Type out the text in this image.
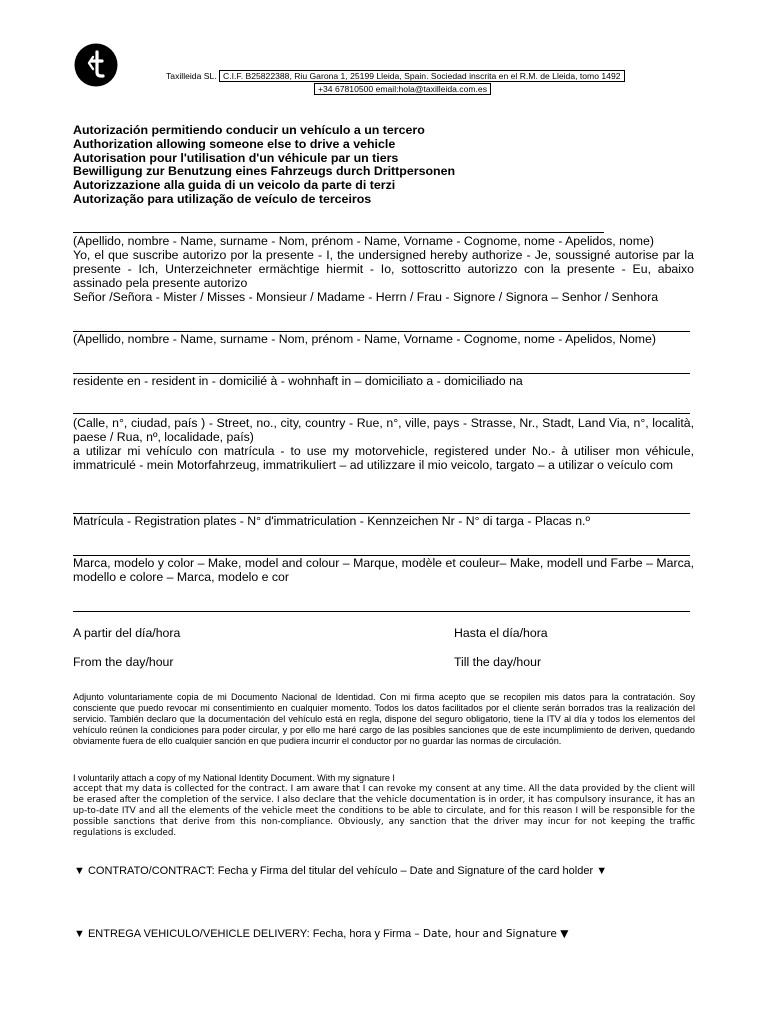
Taxilleida SL. C.I.F. B25822388, Riu Garona 1, 25199 Lleida, Spain. Sociedad inscrita en el R.M. de Lleida, tomo 1492
+34 67810500 email:hola@taxilleida.com.es
Autorización permitiendo conducir un vehículo a un tercero
Authorization allowing someone else to drive a vehicle
Autorisation pour l'utilisation d'un véhicule par un tiers
Bewilligung zur Benutzung eines Fahrzeugs durch Drittpersonen
Autorizzazione alla guida di un veicolo da parte di terzi
Autorização para utilização de veículo de terceiros
(Apellido, nombre - Name, surname - Nom, prénom - Name, Vorname - Cognome, nome - Apelidos, nome)
Yo, el que suscribe autorizo por la presente - I, the undersigned hereby authorize - Je, soussigné autorise par la presente - Ich, Unterzeichneter ermächtige hiermit - Io, sottoscritto autorizzo con la presente - Eu, abaixo assinado pela presente autorizo
Señor /Señora - Mister / Misses - Monsieur / Madame - Herrn / Frau - Signore / Signora – Senhor / Senhora
(Apellido, nombre - Name, surname - Nom, prénom - Name, Vorname - Cognome, nome - Apelidos, Nome)
residente en - resident in - domicilié à - wohnhaft in – domiciliato a - domiciliado na
(Calle, n°, ciudad, país ) - Street, no., city, country - Rue, n°, ville, pays - Strasse, Nr., Stadt, Land Via, n°, località, paese / Rua, nº, localidade, país)
a utilizar mi vehículo con matrícula - to use my motorvehicle, registered under No.- à utiliser mon véhicule, immatriculé - mein Motorfahrzeug, immatrikuliert – ad utilizzare il mio veicolo, targato – a utilizar o veículo com
Matrícula - Registration plates - N° d'immatriculation - Kennzeichen Nr - N° di targa - Placas n.º
Marca, modelo y color – Make, model and colour – Marque, modèle et couleur– Make, modell und Farbe – Marca, modello e colore – Marca, modelo e cor
A partir del día/hora	Hasta el día/hora
From the day/hour	Till the day/hour
Adjunto voluntariamente copia de mi Documento Nacional de Identidad. Con mi firma acepto que se recopilen mis datos para la contratación. Soy consciente que puedo revocar mi consentimiento en cualquier momento. Todos los datos facilitados por el cliente serán borrados tras la realización del servicio. También declaro que la documentación del vehículo está en regla, dispone del seguro obligatorio, tiene la ITV al día y todos los elementos del vehículo reúnen la condiciones para poder circular, y por ello me haré cargo de las posibles sanciones que de este incumplimiento de deriven, quedando obviamente fuera de ello cualquier sanción en que pudiera incurrir el conductor por no guardar las normas de circulación.
I voluntarily attach a copy of my National Identity Document. With my signature I
accept that my data is collected for the contract. I am aware that I can revoke my consent at any time. All the data provided by the client will be erased after the completion of the service. I also declare that the vehicle documentation is in order, it has compulsory insurance, it has an up-to-date ITV and all the elements of the vehicle meet the conditions to be able to circulate, and for this reason I will be responsible for the possible sanctions that derive from this non-compliance. Obviously, any sanction that the driver may incur for not keeping the traffic regulations is excluded.
▼ CONTRATO/CONTRACT: Fecha y Firma del titular del vehículo – Date and Signature of the card holder ▼
▼ ENTREGA VEHICULO/VEHICLE DELIVERY: Fecha, hora y Firma – Date, hour and Signature ▼
